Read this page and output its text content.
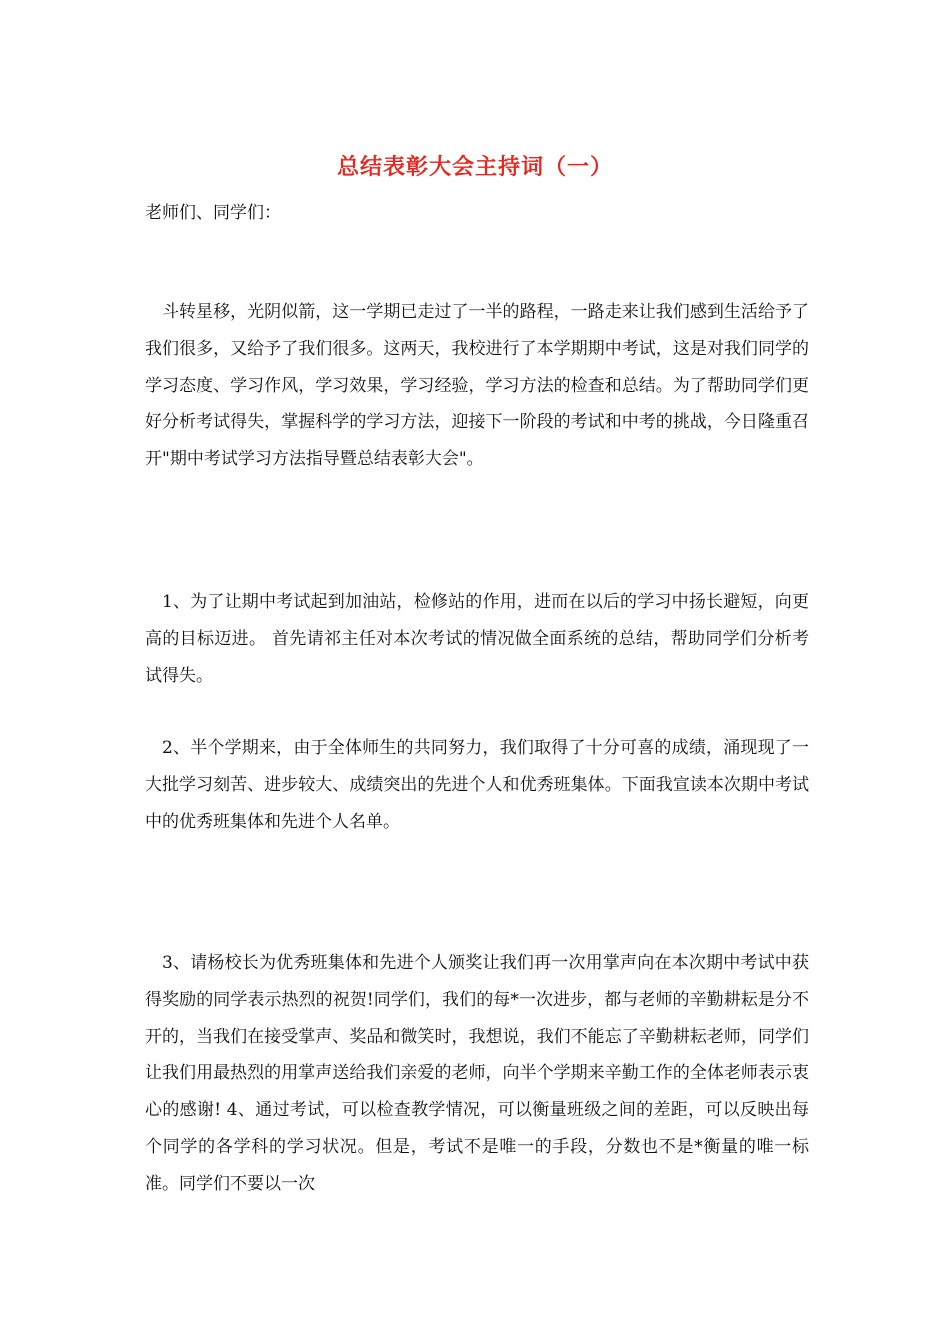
总结表彰大会主持词（一）
老师们、同学们：

斗转星移，光阴似箭，这一学期已走过了一半的路程，一路走来让我们感到生活给予了我们很多，又给予了我们很多。这两天，我校进行了本学期期中考试，这是对我们同学的学习态度、学习作风，学习效果，学习经验，学习方法的检查和总结。为了帮助同学们更好分析考试得失，掌握科学的学习方法，迎接下一阶段的考试和中考的挑战，今日隆重召开"期中考试学习方法指导暨总结表彰大会"。

1、为了让期中考试起到加油站，检修站的作用，进而在以后的学习中扬长避短，向更高的目标迈进。 首先请祁主任对本次考试的情况做全面系统的总结，帮助同学们分析考试得失。

2、半个学期来，由于全体师生的共同努力，我们取得了十分可喜的成绩，涌现现了一大批学习刻苦、进步较大、成绩突出的先进个人和优秀班集体。下面我宣读本次期中考试中的优秀班集体和先进个人名单。

3、请杨校长为优秀班集体和先进个人颁奖让我们再一次用掌声向在本次期中考试中获得奖励的同学表示热烈的祝贺!同学们，我们的每*一次进步，都与老师的辛勤耕耘是分不开的，当我们在接受掌声、奖品和微笑时，我想说，我们不能忘了辛勤耕耘老师，同学们让我们用最热烈的用掌声送给我们亲爱的老师，向半个学期来辛勤工作的全体老师表示衷心的感谢! 4、通过考试，可以检查教学情况，可以衡量班级之间的差距，可以反映出每个同学的各学科的学习状况。但是，考试不是唯一的手段，分数也不是*衡量的唯一标准。同学们不要以一次
